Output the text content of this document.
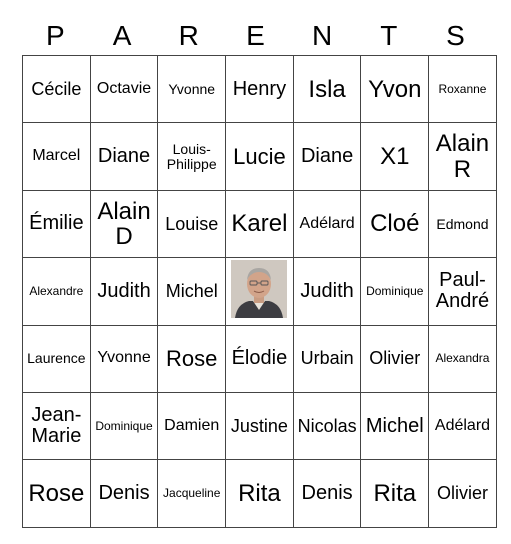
P	A	R	E	N	T	S
Cécile	Octavie	Yvonne	Henry	Isla	Yvon	Roxanne
Marcel	Diane	Louis-Philippe	Lucie	Diane	X1	Alain R
Émilie	Alain D	Louise	Karel	Adélard	Cloé	Edmond
Alexandre	Judith	Michel		Judith	Dominique	Paul-André
Laurence	Yvonne	Rose	Élodie	Urbain	Olivier	Alexandra
Jean-Marie	Dominique	Damien	Justine	Nicolas	Michel	Adélard
Rose	Denis	Jacqueline	Rita	Denis	Rita	Olivier
